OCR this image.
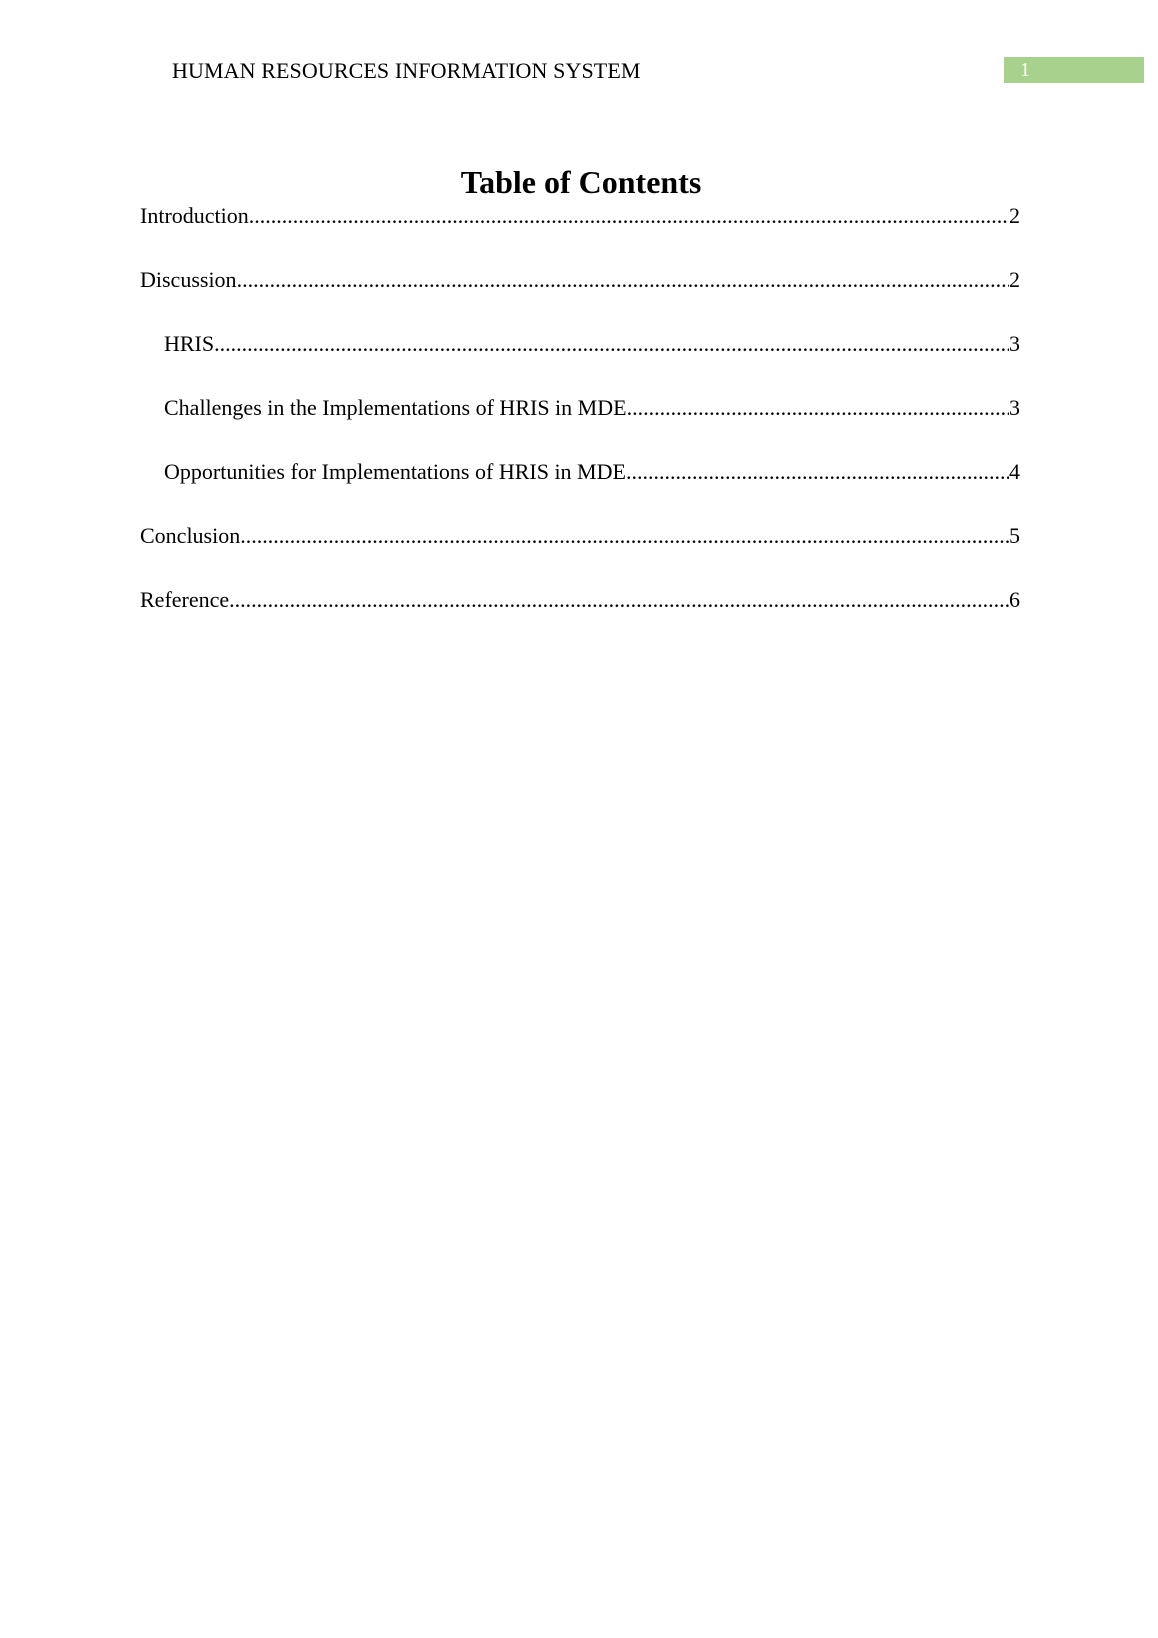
HUMAN RESOURCES INFORMATION SYSTEM	1
Table of Contents
Introduction .....	2
Discussion .....	2
HRIS .....	3
Challenges in the Implementations of HRIS in MDE .....	3
Opportunities for Implementations of HRIS in MDE .....	4
Conclusion .....	5
Reference .....	6
